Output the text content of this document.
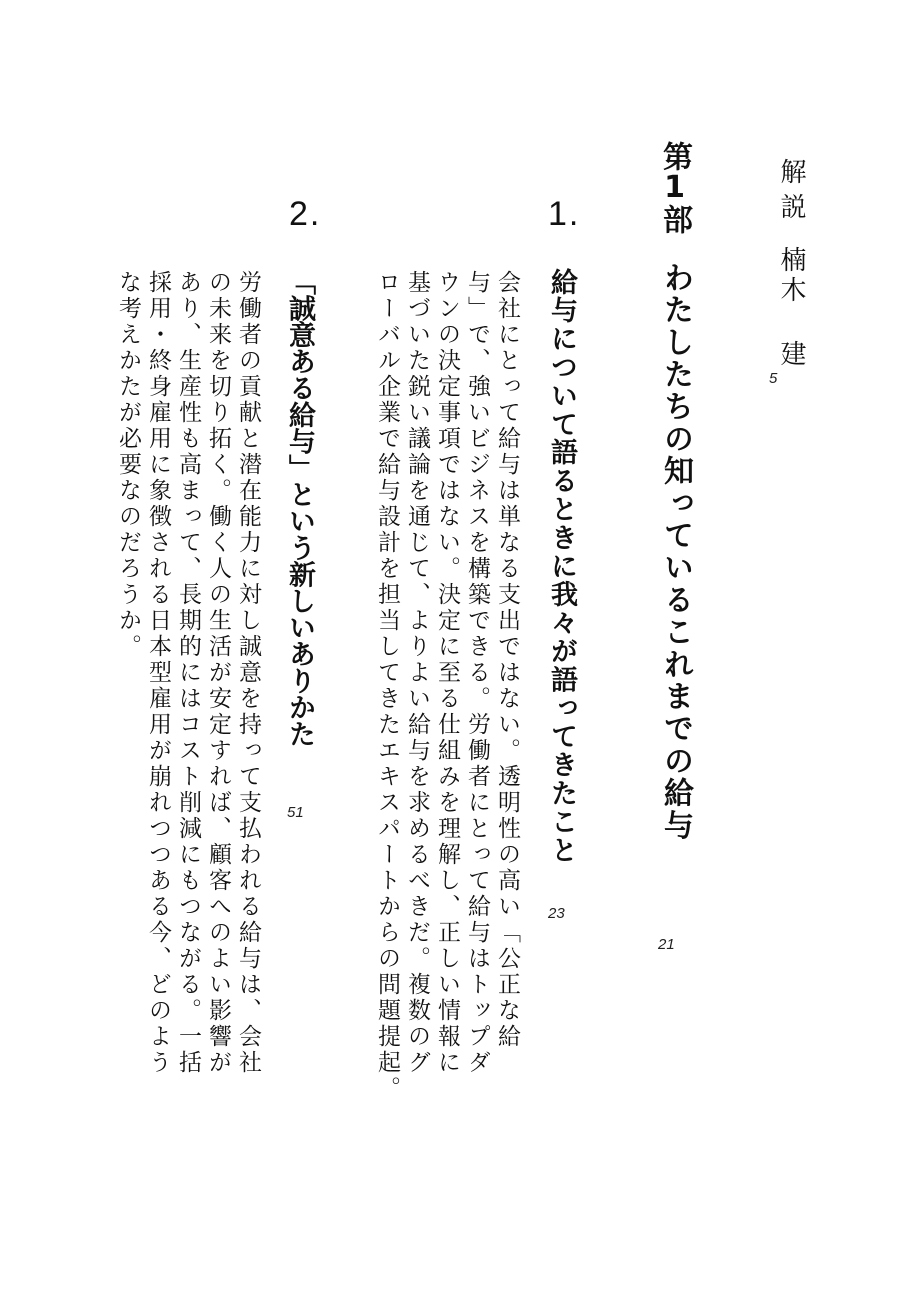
解説

楠木 建

5

第1部

わたしたちの知っているこれまでの給与

21

1.

給与について語るときに我々が語ってきたこと

23

会社にとって給与は単なる支出ではない。透明性の高い「公正な給
与」で、強いビジネスを構築できる。労働者にとって給与はトップダ
ウンの決定事項ではない。決定に至る仕組みを理解し、正しい情報に
基づいた鋭い議論を通じて、よりよい給与を求めるべきだ。複数のグ
ローバル企業で給与設計を担当してきたエキスパートからの問題提起。

2.

「誠意ある給与」という新しいありかた

51

労働者の貢献と潜在能力に対し誠意を持って支払われる給与は、会社
の未来を切り拓く。働く人の生活が安定すれば、顧客へのよい影響が
あり、生産性も高まって、長期的にはコスト削減にもつながる。一括
採用・終身雇用に象徴される日本型雇用が崩れつつある今、どのよう
な考えかたが必要なのだろうか。
